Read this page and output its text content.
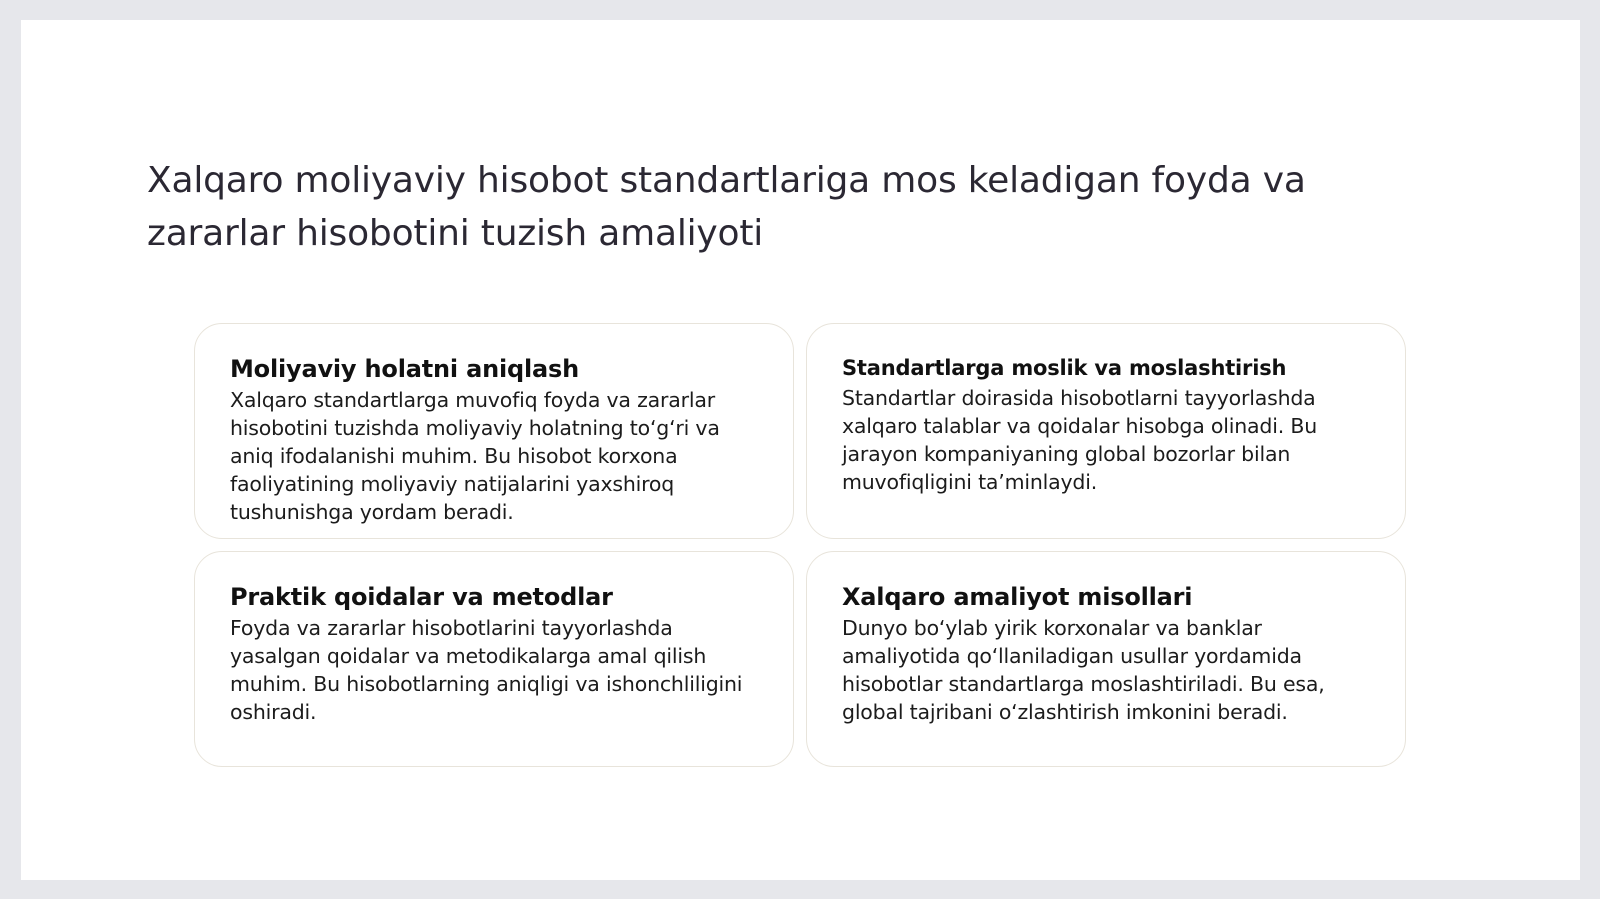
Xalqaro moliyaviy hisobot standartlariga mos keladigan foyda va zararlar hisobotini tuzish amaliyoti
Moliyaviy holatni aniqlash

Xalqaro standartlarga muvofiq foyda va zararlar hisobotini tuzishda moliyaviy holatning to‘g‘ri va aniq ifodalanishi muhim. Bu hisobot korxona faoliyatining moliyaviy natijalarini yaxshiroq tushunishga yordam beradi.

Standartlarga moslik va moslashtirish

Standartlar doirasida hisobotlarni tayyorlashda xalqaro talablar va qoidalar hisobga olinadi. Bu jarayon kompaniyaning global bozorlar bilan muvofiqligini ta’minlaydi.

Praktik qoidalar va metodlar

Foyda va zararlar hisobotlarini tayyorlashda yasalgan qoidalar va metodikalarga amal qilish muhim. Bu hisobotlarning aniqligi va ishonchliligini oshiradi.

Xalqaro amaliyot misollari

Dunyo bo‘ylab yirik korxonalar va banklar amaliyotida qo‘llaniladigan usullar yordamida hisobotlar standartlarga moslashtiriladi. Bu esa, global tajribani o‘zlashtirish imkonini beradi.
